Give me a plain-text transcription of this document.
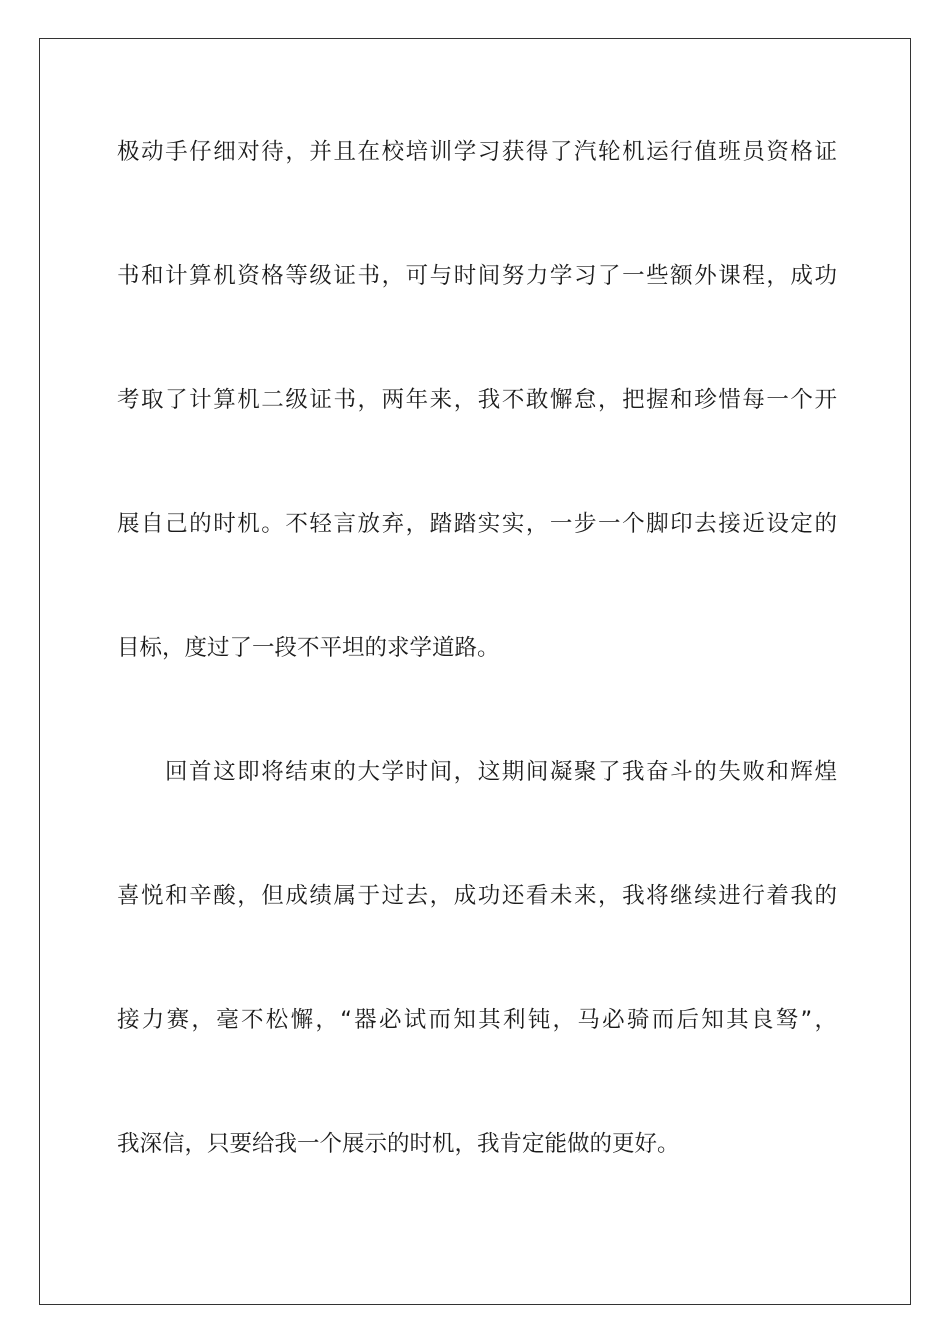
极动手仔细对待，并且在校培训学习获得了汽轮机运行值班员资格证
书和计算机资格等级证书，可与时间努力学习了一些额外课程，成功
考取了计算机二级证书，两年来，我不敢懈怠，把握和珍惜每一个开
展自己的时机。不轻言放弃，踏踏实实，一步一个脚印去接近设定的
目标，度过了一段不平坦的求学道路。
回首这即将结束的大学时间，这期间凝聚了我奋斗的失败和辉煌
喜悦和辛酸，但成绩属于过去，成功还看未来，我将继续进行着我的
接力赛，毫不松懈，“器必试而知其利钝，马必骑而后知其良驽”，
我深信，只要给我一个展示的时机，我肯定能做的更好。
